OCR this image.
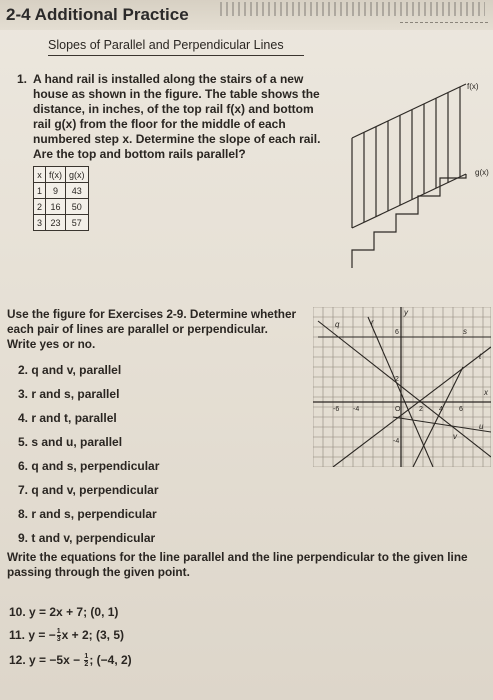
2-4 Additional Practice
Slopes of Parallel and Perpendicular Lines
1. A hand rail is installed along the stairs of a new house as shown in the figure. The table shows the distance, in inches, of the top rail f(x) and bottom rail g(x) from the floor for the middle of each numbered step x. Determine the slope of each rail. Are the top and bottom rails parallel?
x	f(x)	g(x)
1	9	43
2	16	50
3	23	57
f(x)
g(x)
Use the figure for Exercises 2-9. Determine whether each pair of lines are parallel or perpendicular. Write yes or no.
2. q and v, parallel
3. r and s, parallel
4. r and t, parallel
5. s and u, parallel
6. q and s, perpendicular
7. q and v, perpendicular
8. r and s, perpendicular
9. t and v, perpendicular
q	r
s
t
u
v
x
y
6
2
-6 -4	O	2 4 6
-4
Write the equations for the line parallel and the line perpendicular to the given line passing through the given point.
10. y = 2x + 7; (0, 1)
11. y = − $\frac{1}{3}$ x + 2; (3, 5)
12. $y = -5x - \frac{1}{2}$ ; (−4, 2)
